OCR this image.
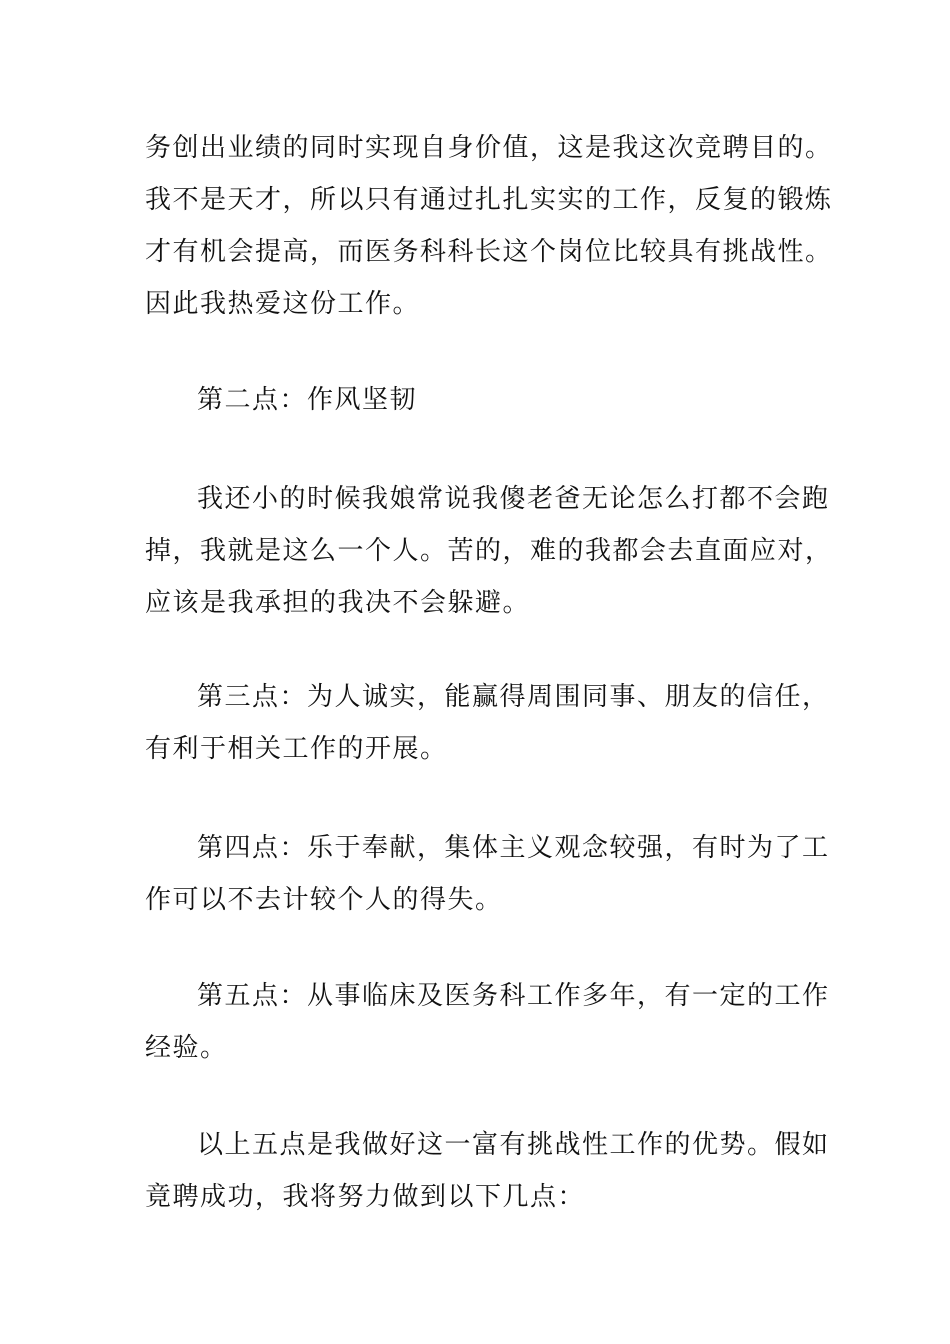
务创出业绩的同时实现自身价值，这是我这次竞聘目的。

我不是天才，所以只有通过扎扎实实的工作，反复的锻炼

才有机会提高，而医务科科长这个岗位比较具有挑战性。

因此我热爱这份工作。

第二点：作风坚韧

我还小的时候我娘常说我傻老爸无论怎么打都不会跑

掉，我就是这么一个人。苦的，难的我都会去直面应对，

应该是我承担的我决不会躲避。

第三点：为人诚实，能赢得周围同事、朋友的信任，

有利于相关工作的开展。

第四点：乐于奉献，集体主义观念较强，有时为了工

作可以不去计较个人的得失。

第五点：从事临床及医务科工作多年，有一定的工作

经验。

以上五点是我做好这一富有挑战性工作的优势。假如

竟聘成功，我将努力做到以下几点：
